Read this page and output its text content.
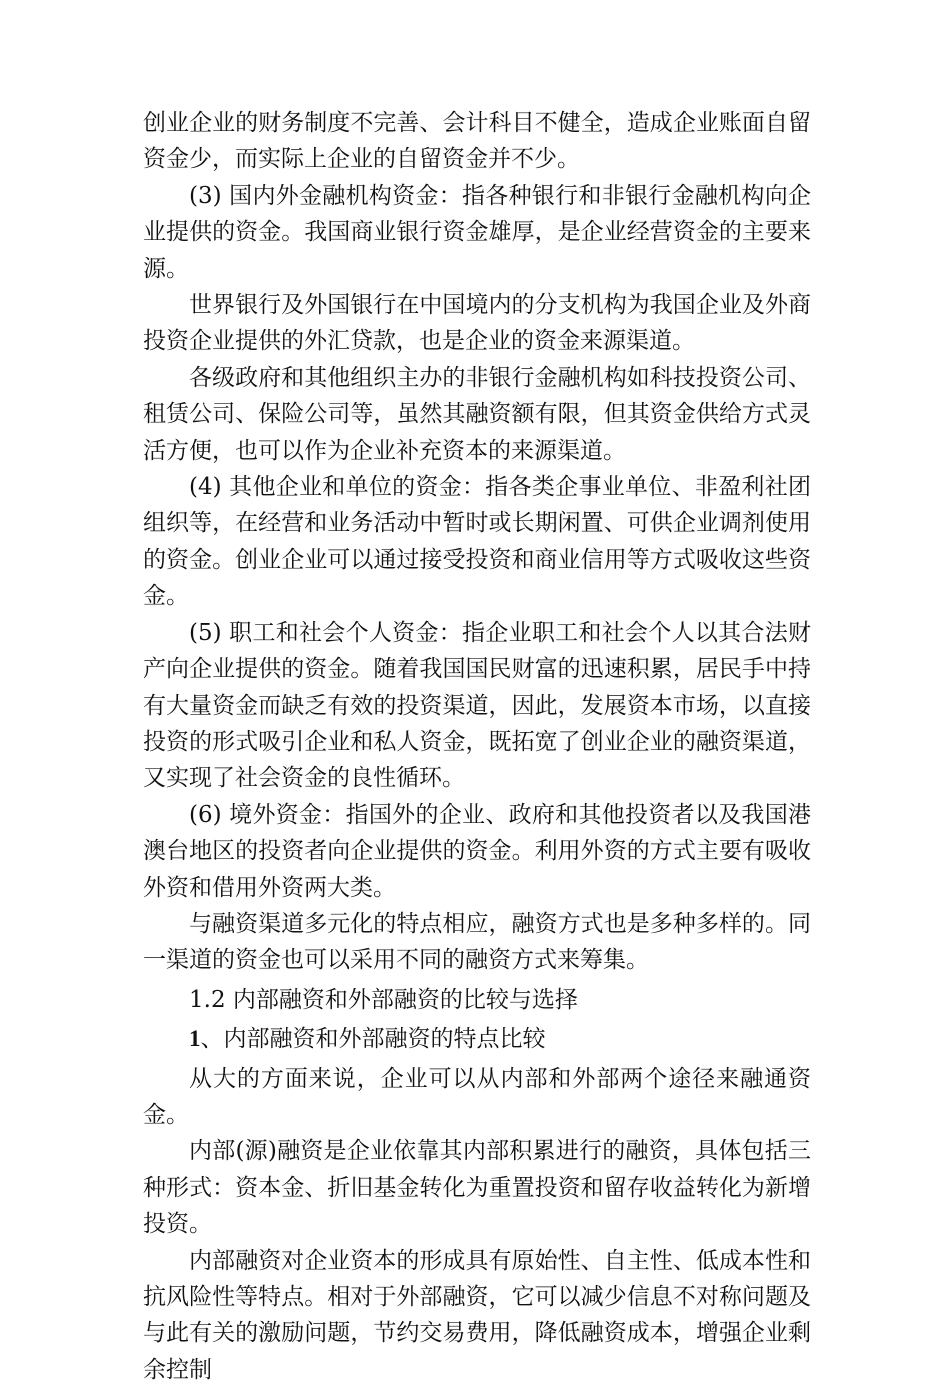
创业企业的财务制度不完善、会计科目不健全，造成企业账面自留资金少，而实际上企业的自留资金并不少。

(3) 国内外金融机构资金：指各种银行和非银行金融机构向企业提供的资金。我国商业银行资金雄厚，是企业经营资金的主要来源。

世界银行及外国银行在中国境内的分支机构为我国企业及外商投资企业提供的外汇贷款，也是企业的资金来源渠道。

各级政府和其他组织主办的非银行金融机构如科技投资公司、租赁公司、保险公司等，虽然其融资额有限，但其资金供给方式灵活方便，也可以作为企业补充资本的来源渠道。

(4) 其他企业和单位的资金：指各类企事业单位、非盈利社团组织等，在经营和业务活动中暂时或长期闲置、可供企业调剂使用的资金。创业企业可以通过接受投资和商业信用等方式吸收这些资金。

(5) 职工和社会个人资金：指企业职工和社会个人以其合法财产向企业提供的资金。随着我国国民财富的迅速积累，居民手中持有大量资金而缺乏有效的投资渠道，因此，发展资本市场，以直接投资的形式吸引企业和私人资金，既拓宽了创业企业的融资渠道，又实现了社会资金的良性循环。

(6) 境外资金：指国外的企业、政府和其他投资者以及我国港澳台地区的投资者向企业提供的资金。利用外资的方式主要有吸收外资和借用外资两大类。

与融资渠道多元化的特点相应，融资方式也是多种多样的。同一渠道的资金也可以采用不同的融资方式来筹集。

1.2 内部融资和外部融资的比较与选择

1、内部融资和外部融资的特点比较

从大的方面来说，企业可以从内部和外部两个途径来融通资金。

内部(源)融资是企业依靠其内部积累进行的融资，具体包括三种形式：资本金、折旧基金转化为重置投资和留存收益转化为新增投资。

内部融资对企业资本的形成具有原始性、自主性、低成本性和抗风险性等特点。相对于外部融资，它可以减少信息不对称问题及与此有关的激励问题，节约交易费用，降低融资成本，增强企业剩余控制
